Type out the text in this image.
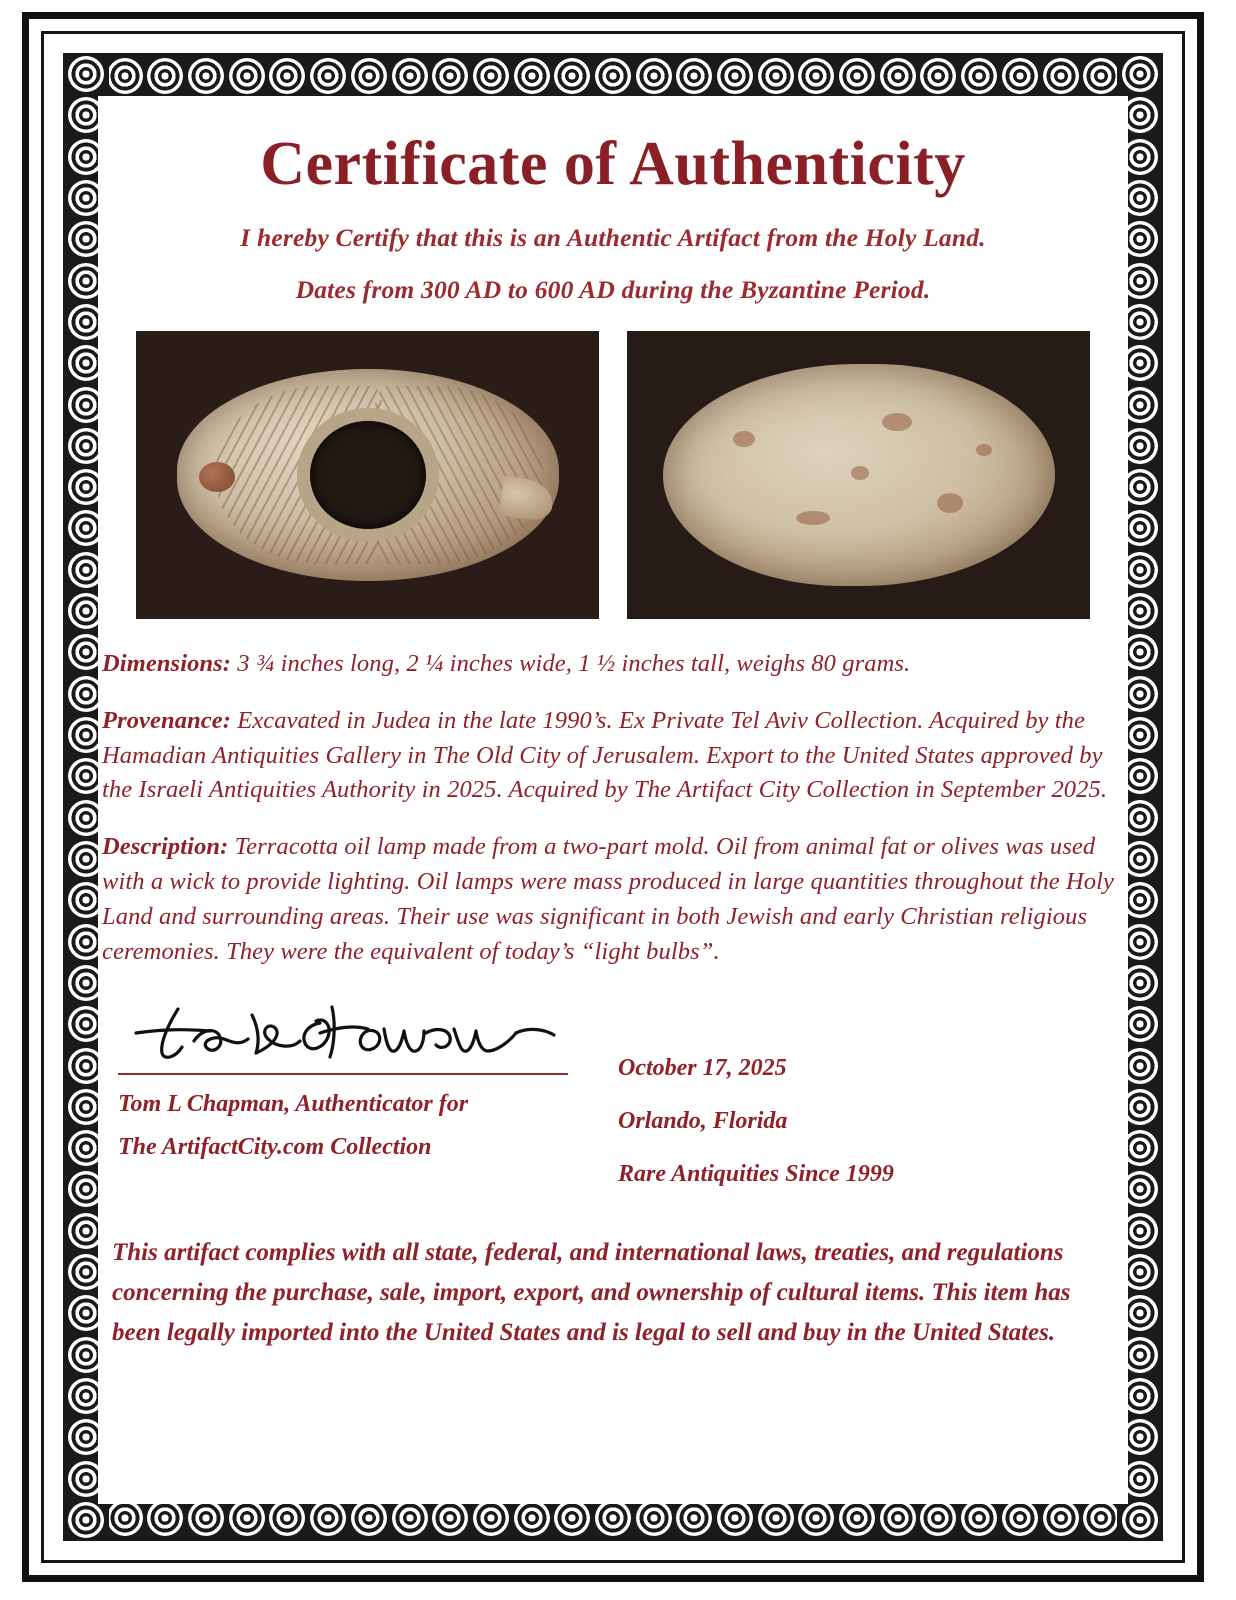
Certificate of Authenticity
I hereby Certify that this is an Authentic Artifact from the Holy Land.
Dates from 300 AD to 600 AD during the Byzantine Period.
Dimensions: 3 ¾ inches long, 2 ¼ inches wide, 1 ½ inches tall, weighs 80 grams.
Provenance: Excavated in Judea in the late 1990’s. Ex Private Tel Aviv Collection. Acquired by the Hamadian Antiquities Gallery in The Old City of Jerusalem. Export to the United States approved by the Israeli Antiquities Authority in 2025. Acquired by The Artifact City Collection in September 2025.
Description: Terracotta oil lamp made from a two-part mold. Oil from animal fat or olives was used with a wick to provide lighting. Oil lamps were mass produced in large quantities throughout the Holy Land and surrounding areas. Their use was significant in both Jewish and early Christian religious ceremonies. They were the equivalent of today’s “light bulbs”.
Tom L Chapman, Authenticator for
The ArtifactCity.com Collection
October 17, 2025
Orlando, Florida
Rare Antiquities Since 1999
This artifact complies with all state, federal, and international laws, treaties, and regulations concerning the purchase, sale, import, export, and ownership of cultural items. This item has been legally imported into the United States and is legal to sell and buy in the United States.
